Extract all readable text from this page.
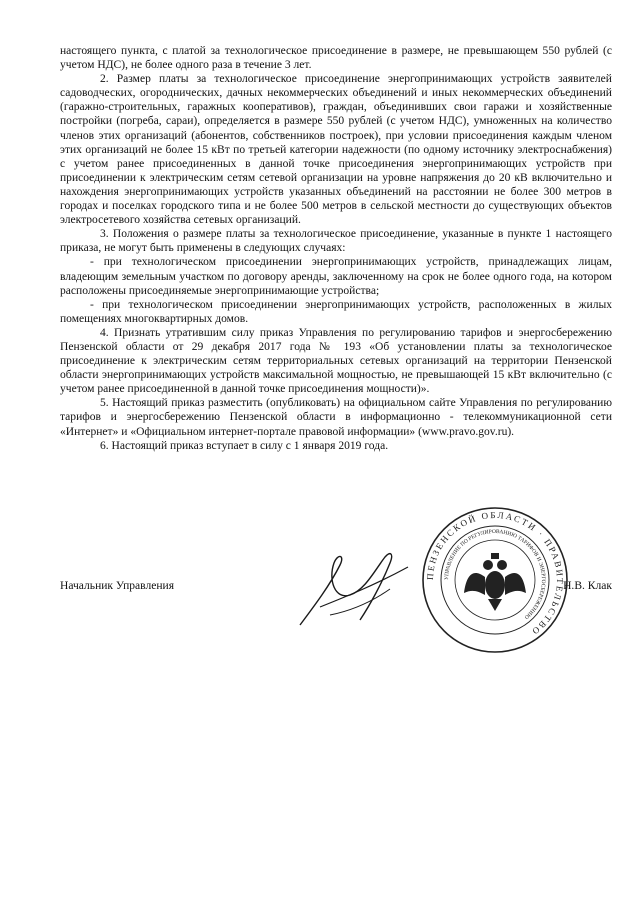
настоящего пункта, с платой за технологическое присоединение в размере, не превышающем 550 рублей (с учетом НДС), не более одного раза в течение 3 лет.

2. Размер платы за технологическое присоединение энергопринимающих устройств заявителей садоводческих, огороднических, дачных некоммерческих объединений и иных некоммерческих объединений (гаражно-строительных, гаражных кооперативов), граждан, объединивших свои гаражи и хозяйственные постройки (погреба, сараи), определяется в размере 550 рублей (с учетом НДС), умноженных на количество членов этих организаций (абонентов, собственников построек), при условии присоединения каждым членом этих организаций не более 15 кВт по третьей категории надежности (по одному источнику электроснабжения) с учетом ранее присоединенных в данной точке присоединения энергопринимающих устройств при присоединении к электрическим сетям сетевой организации на уровне напряжения до 20 кВ включительно и нахождения энергопринимающих устройств указанных объединений на расстоянии не более 300 метров в городах и поселках городского типа и не более 500 метров в сельской местности до существующих объектов электросетевого хозяйства сетевых организаций.

3. Положения о размере платы за технологическое присоединение, указанные в пункте 1 настоящего приказа, не могут быть применены в следующих случаях:

- при технологическом присоединении энергопринимающих устройств, принадлежащих лицам, владеющим земельным участком по договору аренды, заключенному на срок не более одного года, на котором расположены присоединяемые энергопринимающие устройства;

- при технологическом присоединении энергопринимающих устройств, расположенных в жилых помещениях многоквартирных домов.

4. Признать утратившим силу приказ Управления по регулированию тарифов и энергосбережению Пензенской области от 29 декабря 2017 года № 193 «Об установлении платы за технологическое присоединение к электрическим сетям территориальных сетевых организаций на территории Пензенской области энергопринимающих устройств максимальной мощностью, не превышающей 15 кВт включительно (с учетом ранее присоединенной в данной точке присоединения мощности)».

5. Настоящий приказ разместить (опубликовать) на официальном сайте Управления по регулированию тарифов и энергосбережению Пензенской области в информационно - телекоммуникационной сети «Интернет» и «Официальном интернет-портале правовой информации» (www.pravo.gov.ru).

6. Настоящий приказ вступает в силу с 1 января 2019 года.

Начальник Управления	Н.В. Клак
ПЕНЗЕНСКОЙ ОБЛАСТИ · ПРАВИТЕЛЬСТВО
УПРАВЛЕНИЕ ПО РЕГУЛИРОВАНИЮ ТАРИФОВ И ЭНЕРГОСБЕРЕЖЕНИЮ
